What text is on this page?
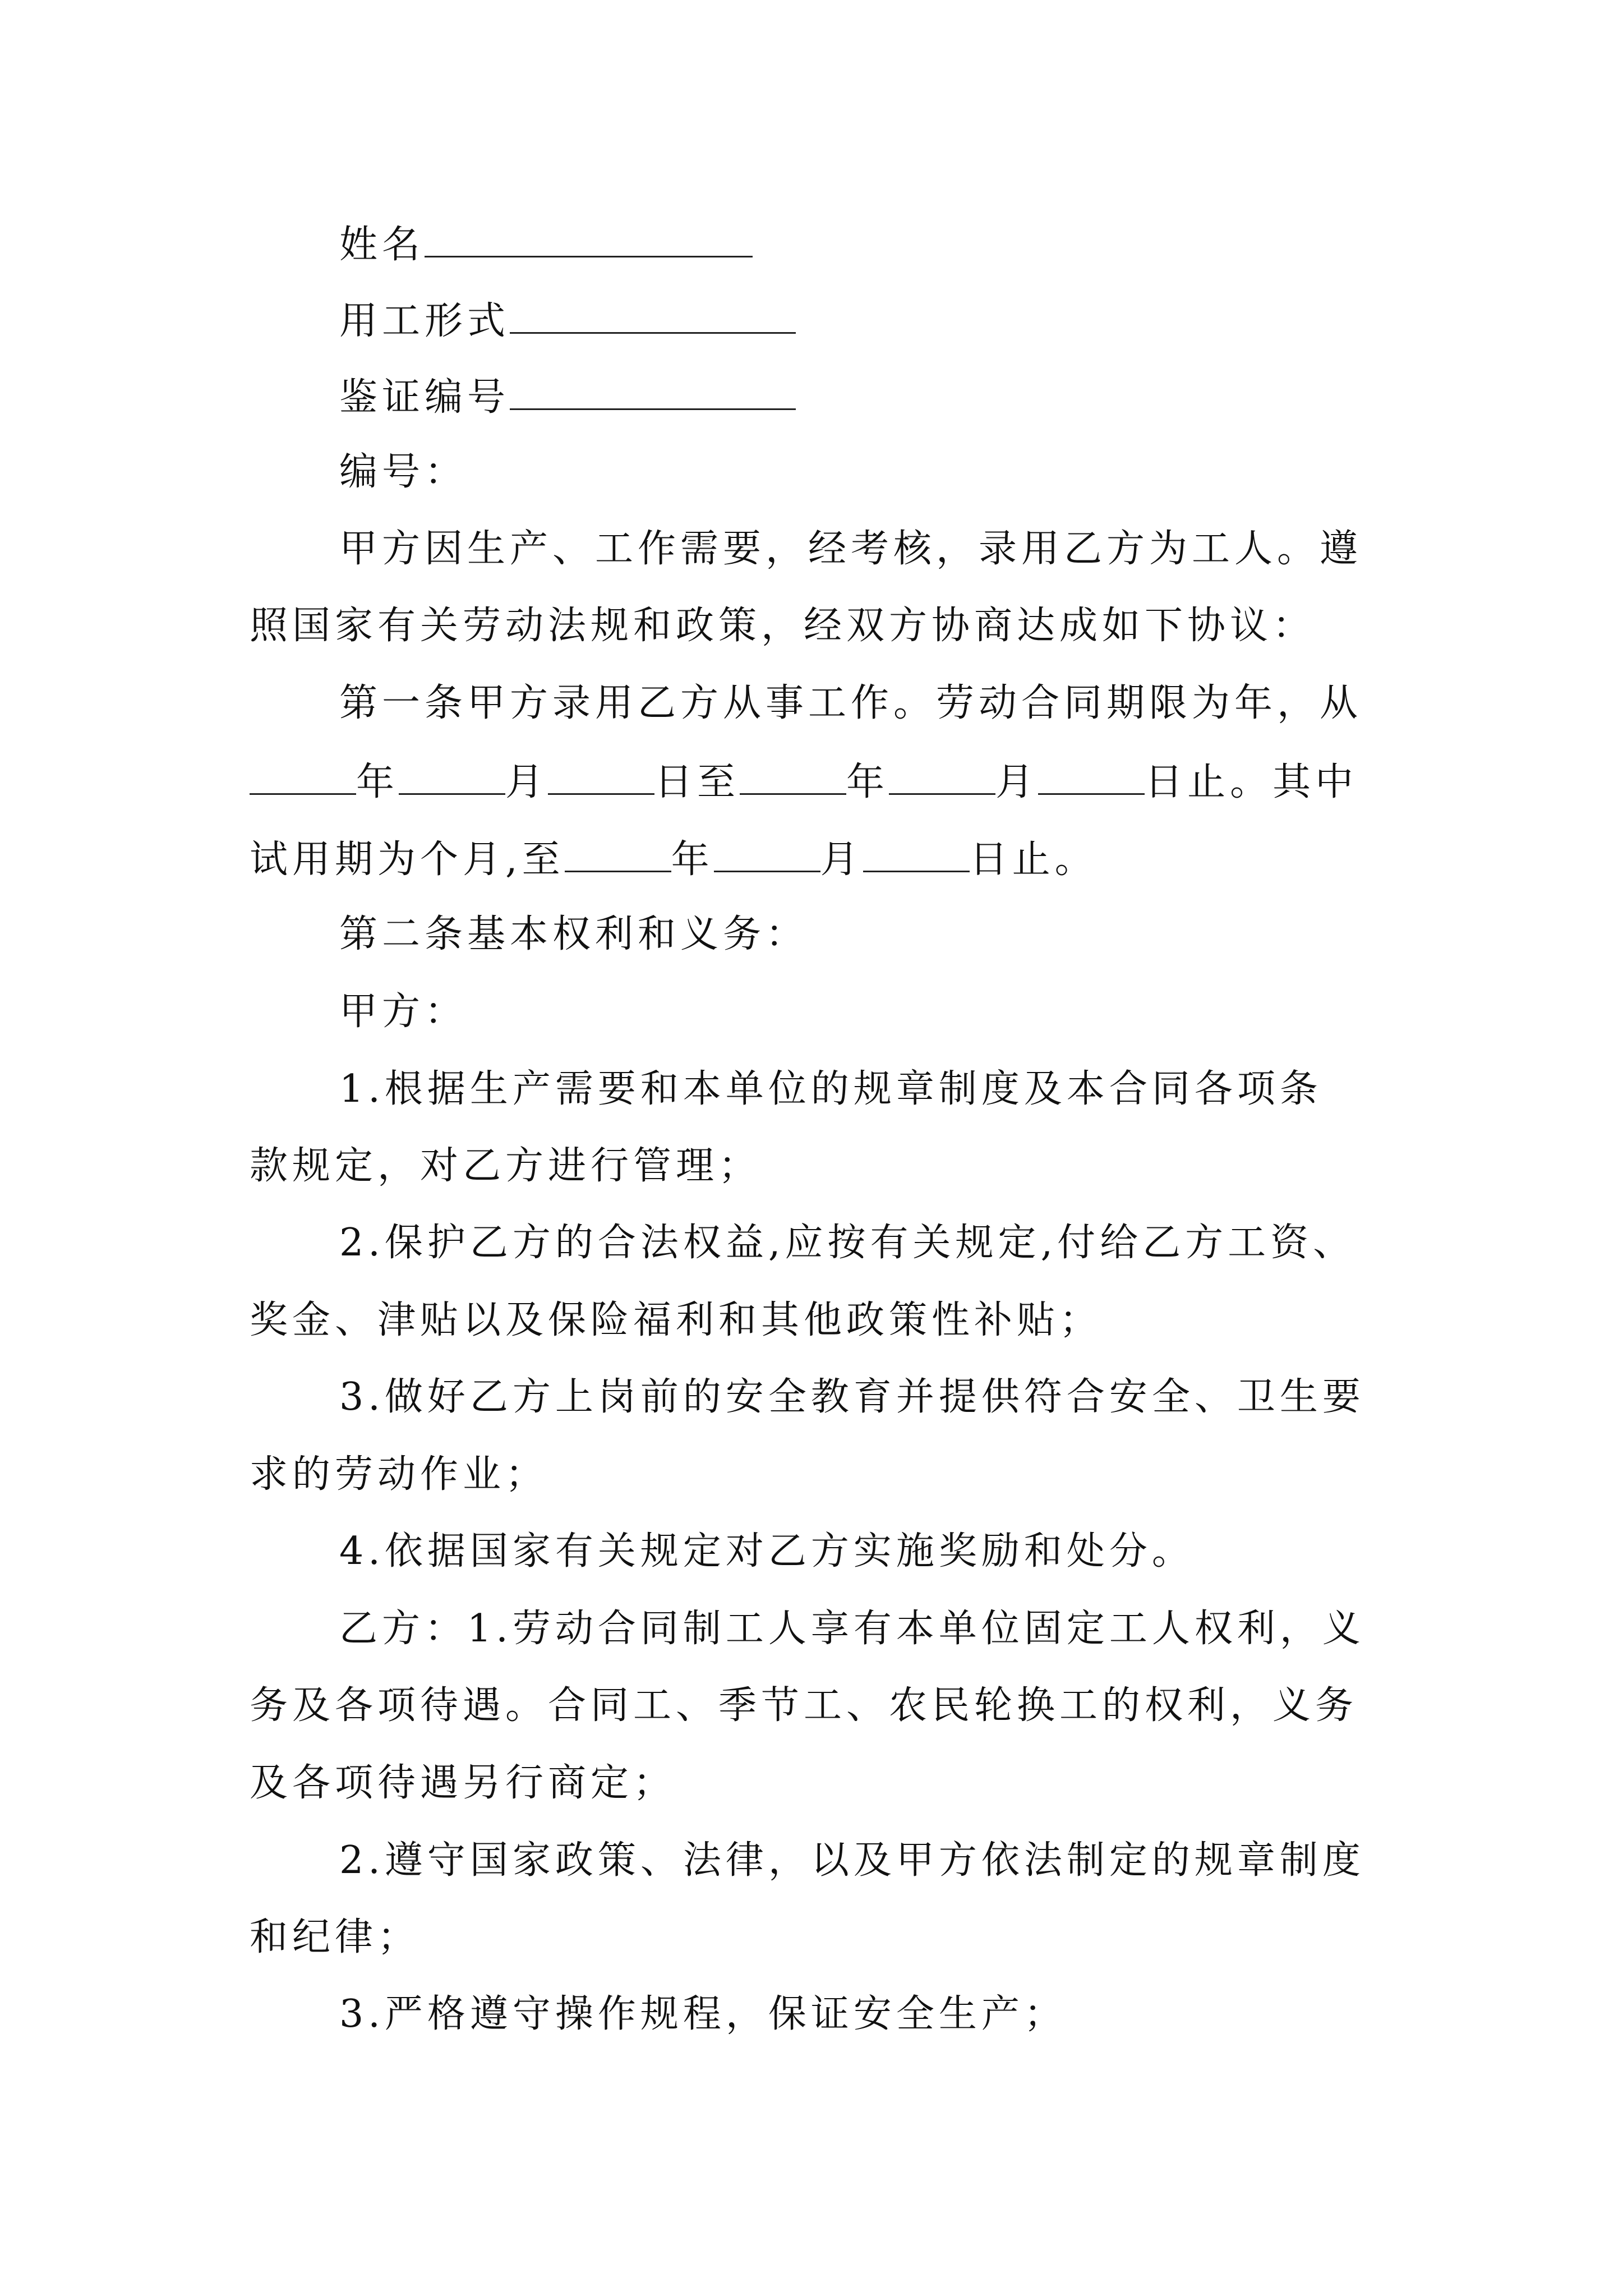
姓名
用工形式
鉴证编号
编号：
甲方因生产、工作需要，经考核，录用乙方为工人。遵
照国家有关劳动法规和政策，经双方协商达成如下协议：
第一条甲方录用乙方从事工作。劳动合同期限为年，从
年	月	日至	年	月	日止。其中
试用期为个月,至	年	月	日止。
第二条基本权利和义务：
甲方：
1.根据生产需要和本单位的规章制度及本合同各项条
款规定，对乙方进行管理；
2.保护乙方的合法权益,应按有关规定,付给乙方工资、
奖金、津贴以及保险福利和其他政策性补贴；
3.做好乙方上岗前的安全教育并提供符合安全、卫生要
求的劳动作业；
4.依据国家有关规定对乙方实施奖励和处分。
乙方：1.劳动合同制工人享有本单位固定工人权利，义
务及各项待遇。合同工、季节工、农民轮换工的权利，义务
及各项待遇另行商定；
2.遵守国家政策、法律，以及甲方依法制定的规章制度
和纪律；
3.严格遵守操作规程，保证安全生产；
